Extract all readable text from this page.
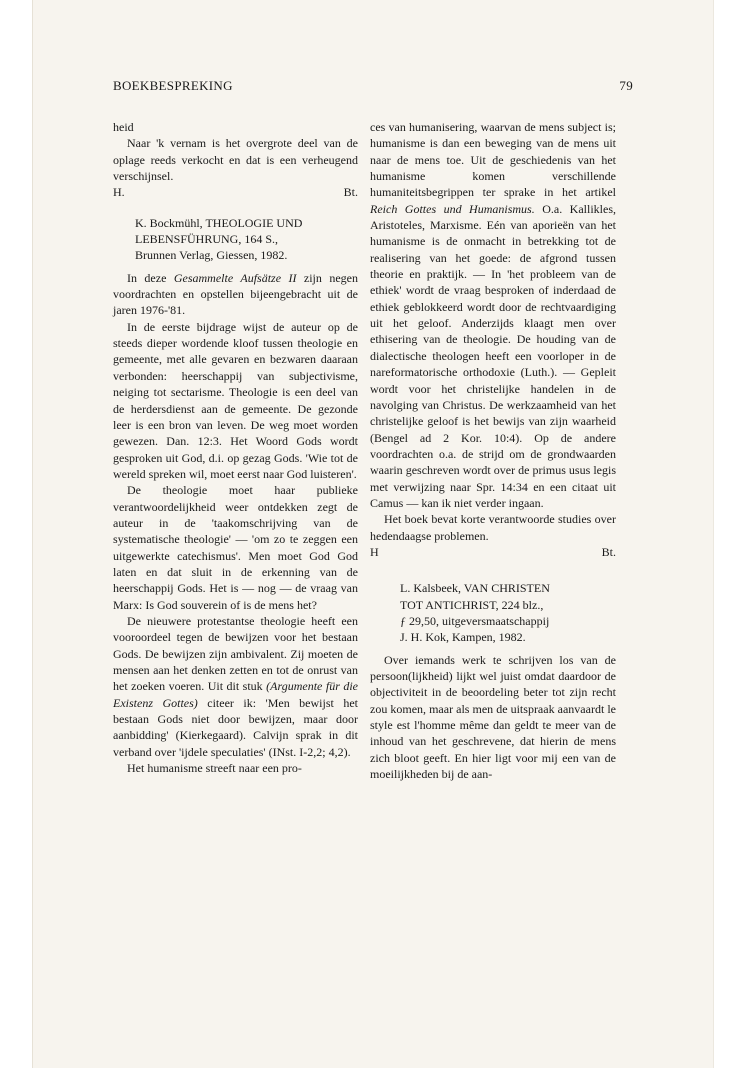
BOEKBESPREKING	79

heid

Naar 'k vernam is het overgrote deel van de oplage reeds verkocht en dat is een verheugend verschijnsel.

H.	Bt.
K. Bockmühl, THEOLOGIE UND
LEBENSFÜHRUNG, 164 S.,
Brunnen Verlag, Giessen, 1982.

In deze Gesammelte Aufsätze II zijn negen voordrachten en opstellen bijeengebracht uit de jaren 1976-'81.

In de eerste bijdrage wijst de auteur op de steeds dieper wordende kloof tussen theologie en gemeente, met alle gevaren en bezwaren daaraan verbonden: heerschappij van subjectivisme, neiging tot sectarisme. Theologie is een deel van de herdersdienst aan de gemeente. De gezonde leer is een bron van leven. De weg moet worden gewezen. Dan. 12:3. Het Woord Gods wordt gesproken uit God, d.i. op gezag Gods. 'Wie tot de wereld spreken wil, moet eerst naar God luisteren'.

De theologie moet haar publieke verantwoordelijkheid weer ontdekken zegt de auteur in de 'taakomschrijving van de systematische theologie' — 'om zo te zeggen een uitgewerkte catechismus'. Men moet God God laten en dat sluit in de erkenning van de heerschappij Gods. Het is — nog — de vraag van Marx: Is God souverein of is de mens het?

De nieuwere protestantse theologie heeft een vooroordeel tegen de bewijzen voor het bestaan Gods. De bewijzen zijn ambivalent. Zij moeten de mensen aan het denken zetten en tot de onrust van het zoeken voeren. Uit dit stuk (Argumente für die Existenz Gottes) citeer ik: 'Men bewijst het bestaan Gods niet door bewijzen, maar door aanbidding' (Kierkegaard). Calvijn sprak in dit verband over 'ijdele speculaties' (INst. I-2,2; 4,2).

Het humanisme streeft naar een pro-

ces van humanisering, waarvan de mens subject is; humanisme is dan een beweging van de mens uit naar de mens toe. Uit de geschiedenis van het humanisme komen verschillende humaniteitsbegrippen ter sprake in het artikel Reich Gottes und Humanismus. O.a. Kallikles, Aristoteles, Marxisme. Eén van aporieën van het humanisme is de onmacht in betrekking tot de realisering van het goede: de afgrond tussen theorie en praktijk. — In 'het probleem van de ethiek' wordt de vraag besproken of inderdaad de ethiek geblokkeerd wordt door de rechtvaardiging uit het geloof. Anderzijds klaagt men over ethisering van de theologie. De houding van de dialectische theologen heeft een voorloper in de nareformatorische orthodoxie (Luth.). — Gepleit wordt voor het christelijke handelen in de navolging van Christus. De werkzaamheid van het christelijke geloof is het bewijs van zijn waarheid (Bengel ad 2 Kor. 10:4). Op de andere voordrachten o.a. de strijd om de grondwaarden waarin geschreven wordt over de primus usus legis met verwijzing naar Spr. 14:34 en een citaat uit Camus — kan ik niet verder ingaan.

Het boek bevat korte verantwoorde studies over hedendaagse problemen.

H	Bt.
L. Kalsbeek, VAN CHRISTEN
TOT ANTICHRIST, 224 blz.,
ƒ 29,50, uitgeversmaatschappij
J. H. Kok, Kampen, 1982.

Over iemands werk te schrijven los van de persoon(lijkheid) lijkt wel juist omdat daardoor de objectiviteit in de beoordeling beter tot zijn recht zou komen, maar als men de uitspraak aanvaardt le style est l'homme même dan geldt te meer van de inhoud van het geschrevene, dat hierin de mens zich bloot geeft. En hier ligt voor mij een van de moeilijkheden bij de aan-
